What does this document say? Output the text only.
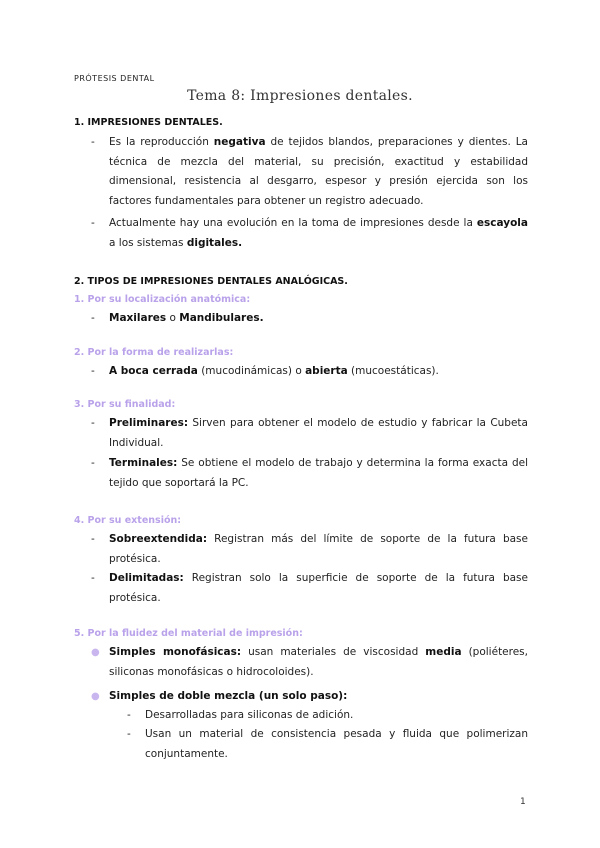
PRÓTESIS DENTAL
Tema 8: Impresiones dentales.
1. IMPRESIONES DENTALES.
- Es la reproducción negativa de tejidos blandos, preparaciones y dientes. La técnica de mezcla del material, su precisión, exactitud y estabilidad dimensional, resistencia al desgarro, espesor y presión ejercida son los factores fundamentales para obtener un registro adecuado.
- Actualmente hay una evolución en la toma de impresiones desde la escayola a los sistemas digitales.
2. TIPOS DE IMPRESIONES DENTALES ANALÓGICAS.
1. Por su localización anatómica:
- Maxilares o Mandibulares.
2. Por la forma de realizarlas:
- A boca cerrada (mucodinámicas) o abierta (mucoestáticas).
3. Por su finalidad:
- Preliminares: Sirven para obtener el modelo de estudio y fabricar la Cubeta Individual.
- Terminales: Se obtiene el modelo de trabajo y determina la forma exacta del tejido que soportará la PC.
4. Por su extensión:
- Sobreextendida: Registran más del límite de soporte de la futura base protésica.
- Delimitadas: Registran solo la superficie de soporte de la futura base protésica.
5. Por la fluidez del material de impresión:
● Simples monofásicas: usan materiales de viscosidad media (poliéteres, siliconas monofásicas o hidrocoloides).
● Simples de doble mezcla (un solo paso):
- Desarrolladas para siliconas de adición.
- Usan un material de consistencia pesada y fluida que polimerizan conjuntamente.
1
